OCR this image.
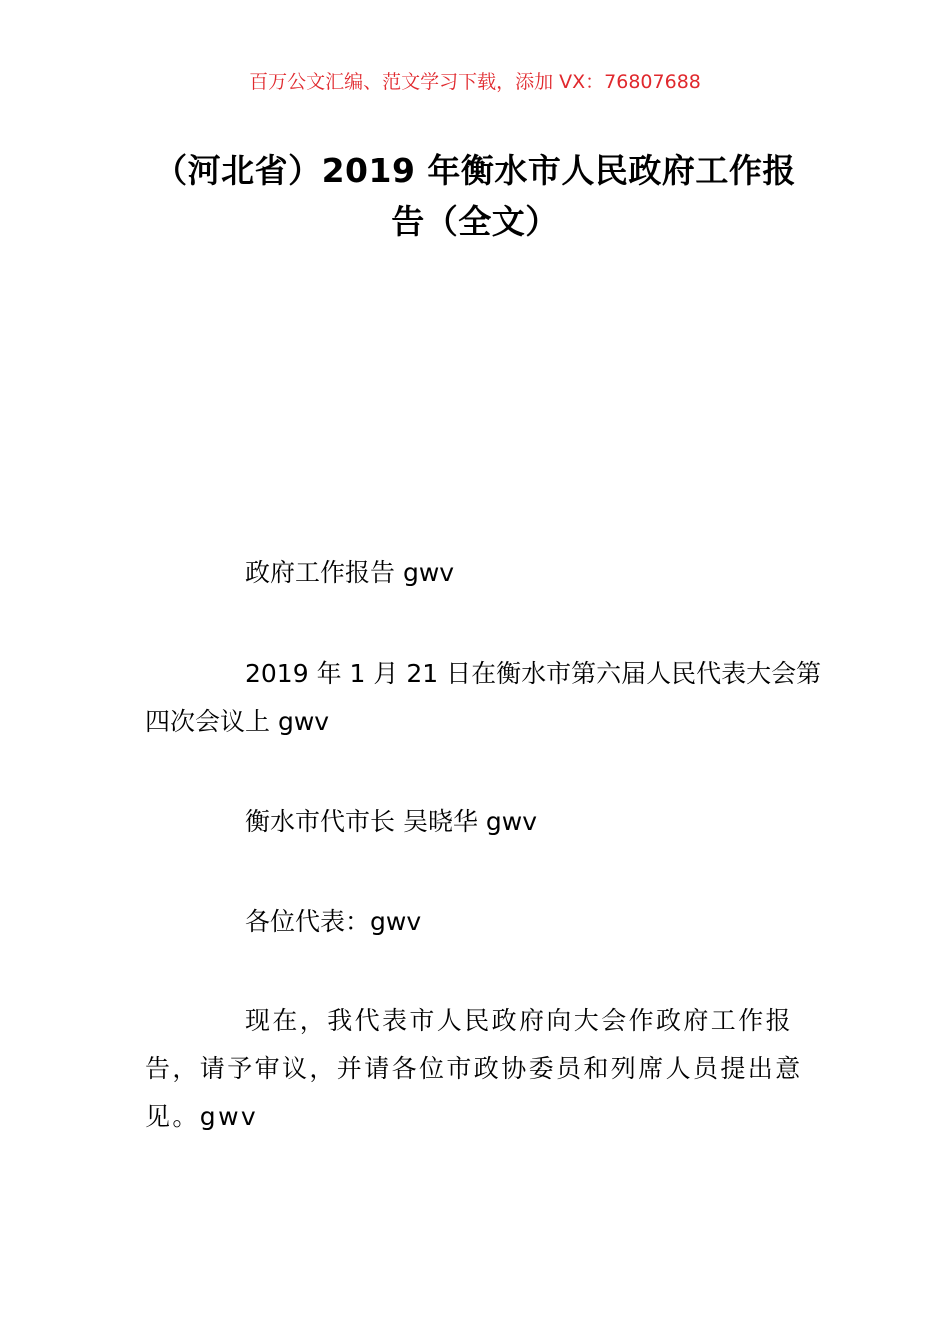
百万公文汇编、范文学习下载，添加 VX：76807688
（河北省）2019 年衡水市人民政府工作报
告（全文）

政府工作报告 gwv

2019 年 1 月 21 日在衡水市第六届人民代表大会第四次会议上 gwv

衡水市代市长 吴晓华 gwv

各位代表：gwv

现在，我代表市人民政府向大会作政府工作报告，请予审议，并请各位市政协委员和列席人员提出意见。gwv
